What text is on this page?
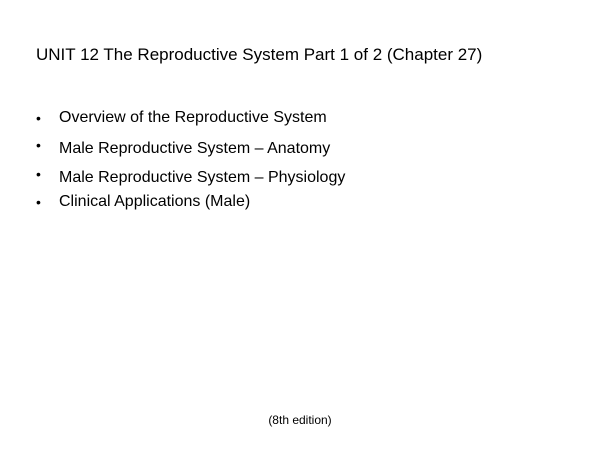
UNIT 12 The Reproductive System Part 1 of 2 (Chapter 27)
• Overview of the Reproductive System
• Male Reproductive System – Anatomy
• Male Reproductive System – Physiology
• Clinical Applications (Male)
(8th edition)
